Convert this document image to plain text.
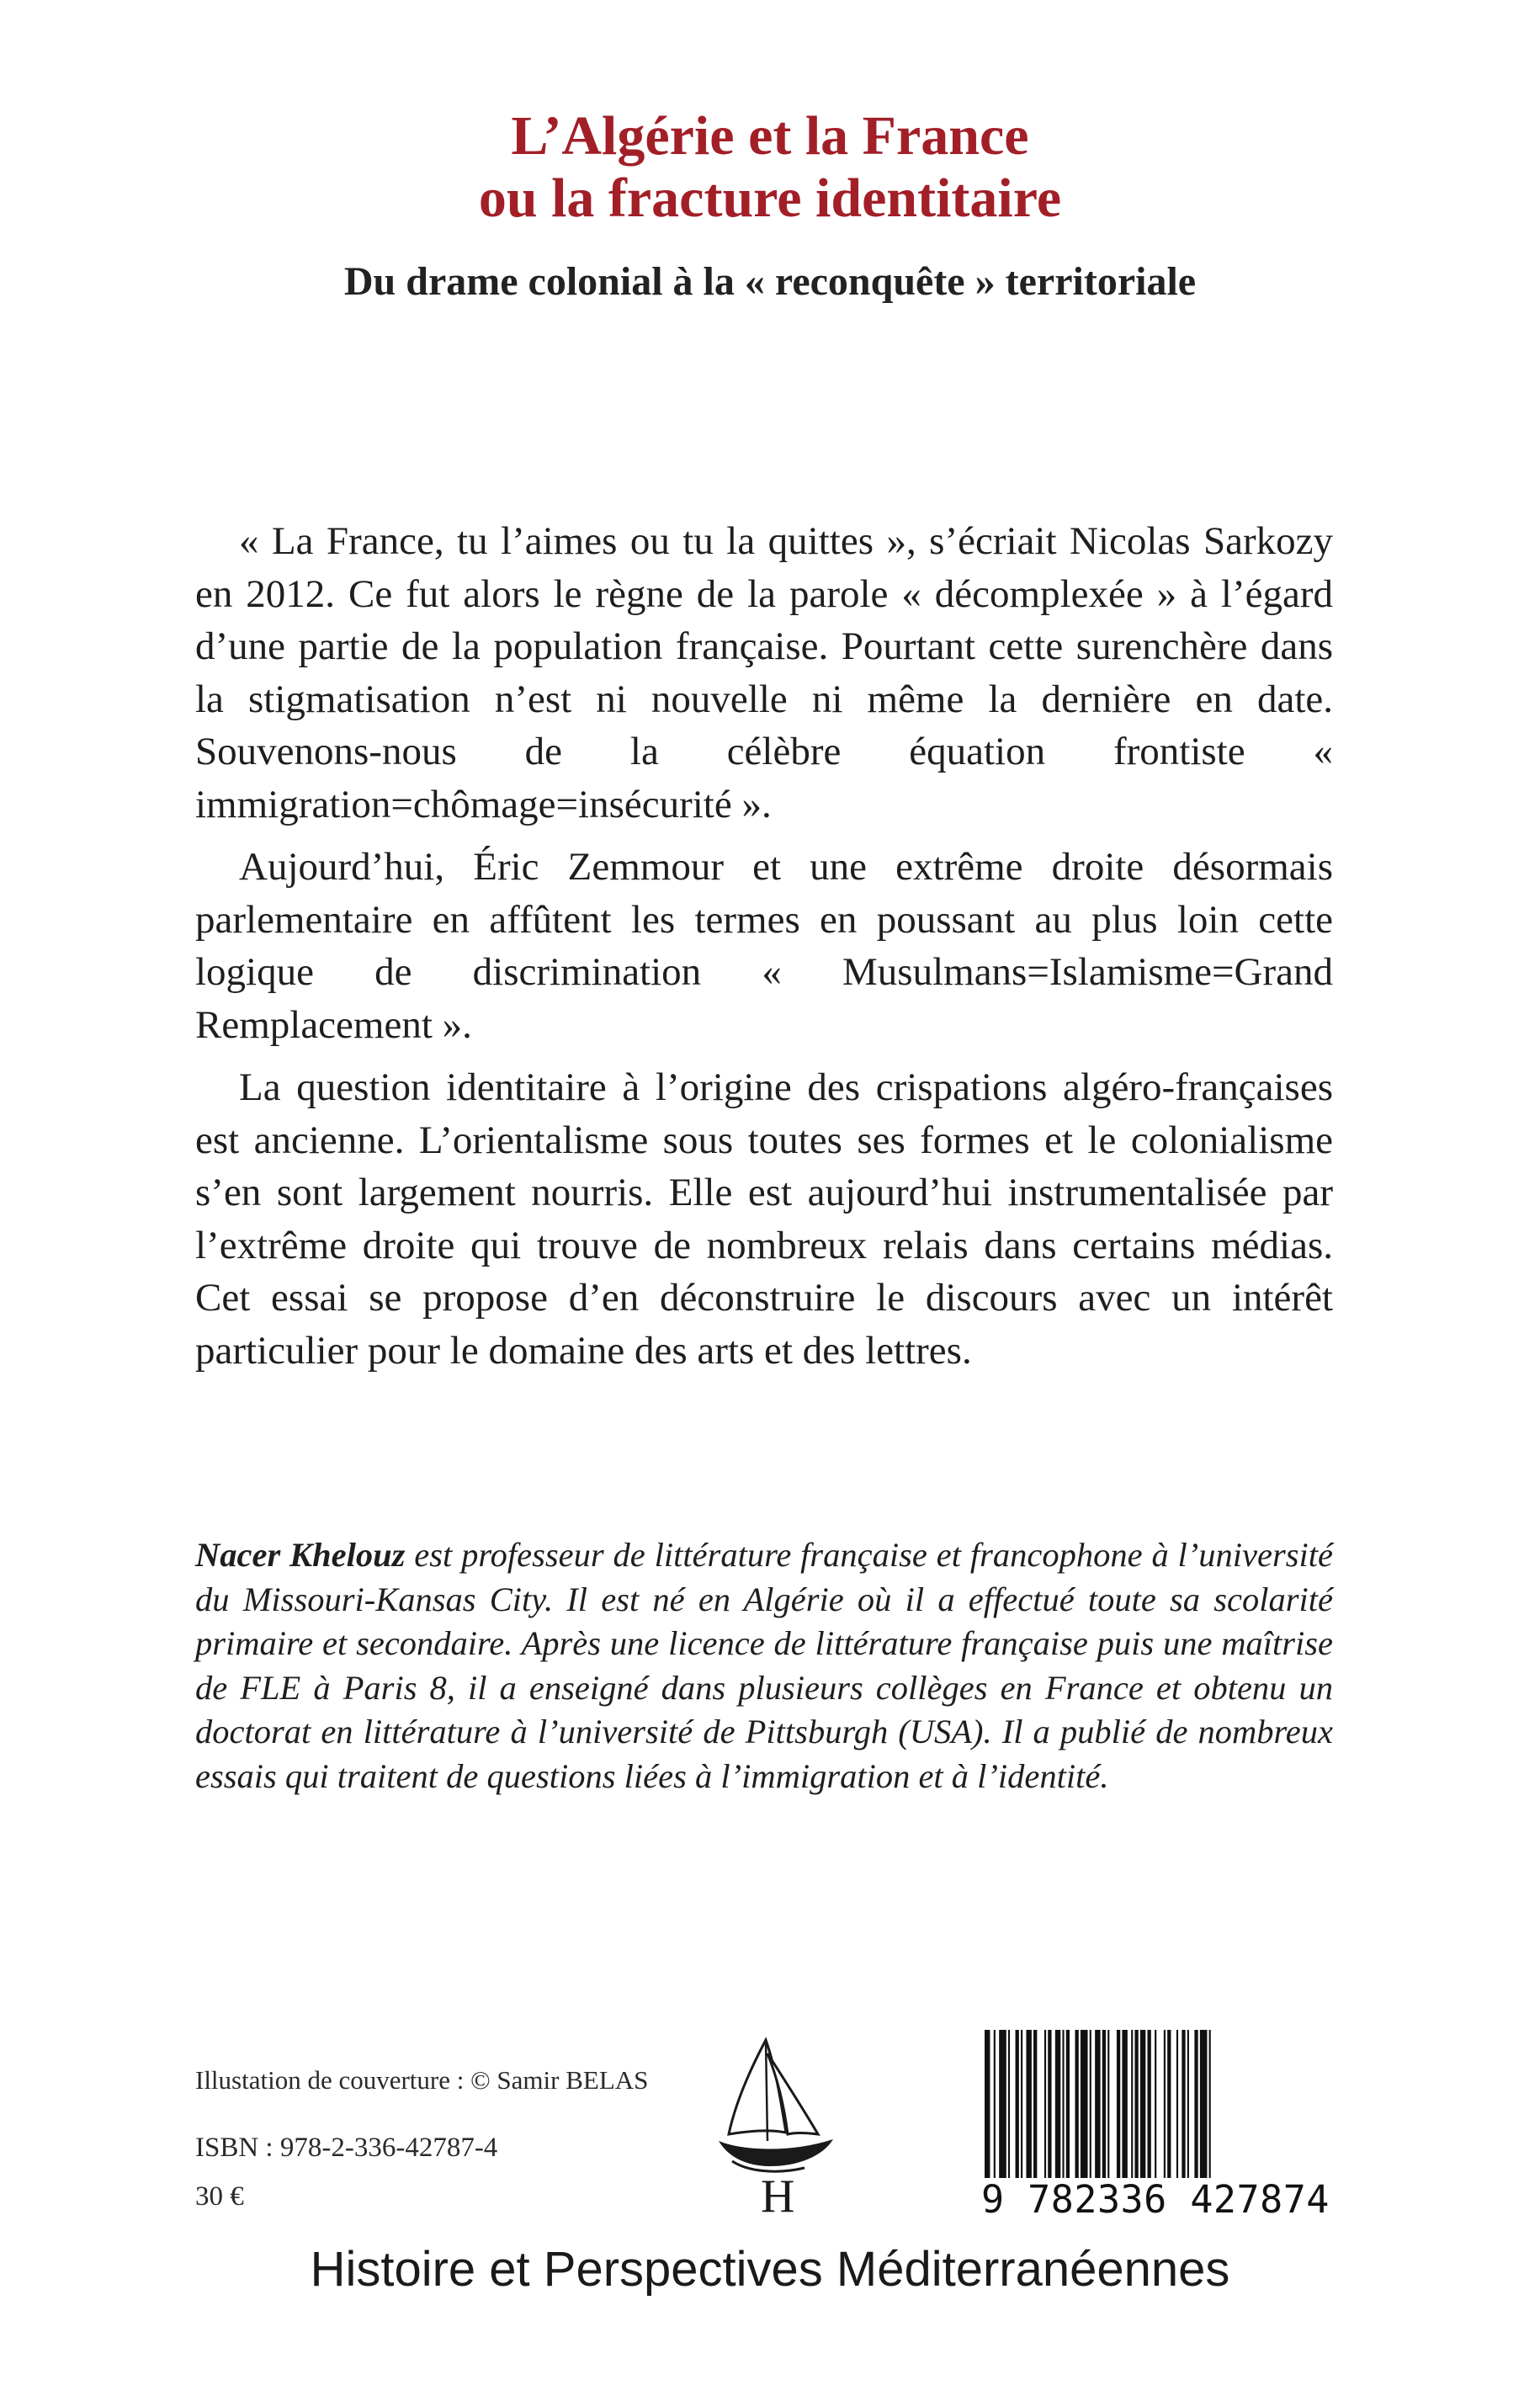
L’Algérie et la France
ou la fracture identitaire
Du drame colonial à la « reconquête » territoriale

« La France, tu l’aimes ou tu la quittes », s’écriait Nicolas Sarkozy en 2012. Ce fut alors le règne de la parole « décomplexée » à l’égard d’une partie de la population française. Pourtant cette surenchère dans la stigmatisation n’est ni nouvelle ni même la dernière en date. Souvenons-nous de la célèbre équation frontiste « immigration=chômage=insécurité ».

Aujourd’hui, Éric Zemmour et une extrême droite désormais parlementaire en affûtent les termes en poussant au plus loin cette logique de discrimination « Musulmans=Islamisme=Grand Remplacement ».

La question identitaire à l’origine des crispations algéro-françaises est ancienne. L’orientalisme sous toutes ses formes et le colonialisme s’en sont largement nourris. Elle est aujourd’hui instrumentalisée par l’extrême droite qui trouve de nombreux relais dans certains médias. Cet essai se propose d’en déconstruire le discours avec un intérêt particulier pour le domaine des arts et des lettres.

Nacer Khelouz est professeur de littérature française et francophone à l’université du Missouri-Kansas City. Il est né en Algérie où il a effectué toute sa scolarité primaire et secondaire. Après une licence de littérature française puis une maîtrise de FLE à Paris 8, il a enseigné dans plusieurs collèges en France et obtenu un doctorat en littérature à l’université de Pittsburgh (USA). Il a publié de nombreux essais qui traitent de questions liées à l’immigration et à l’identité.

Illustation de couverture : © Samir BELAS
ISBN : 978-2-336-42787-4
30 €	H	9 782336 427874
Histoire et Perspectives Méditerranéennes
